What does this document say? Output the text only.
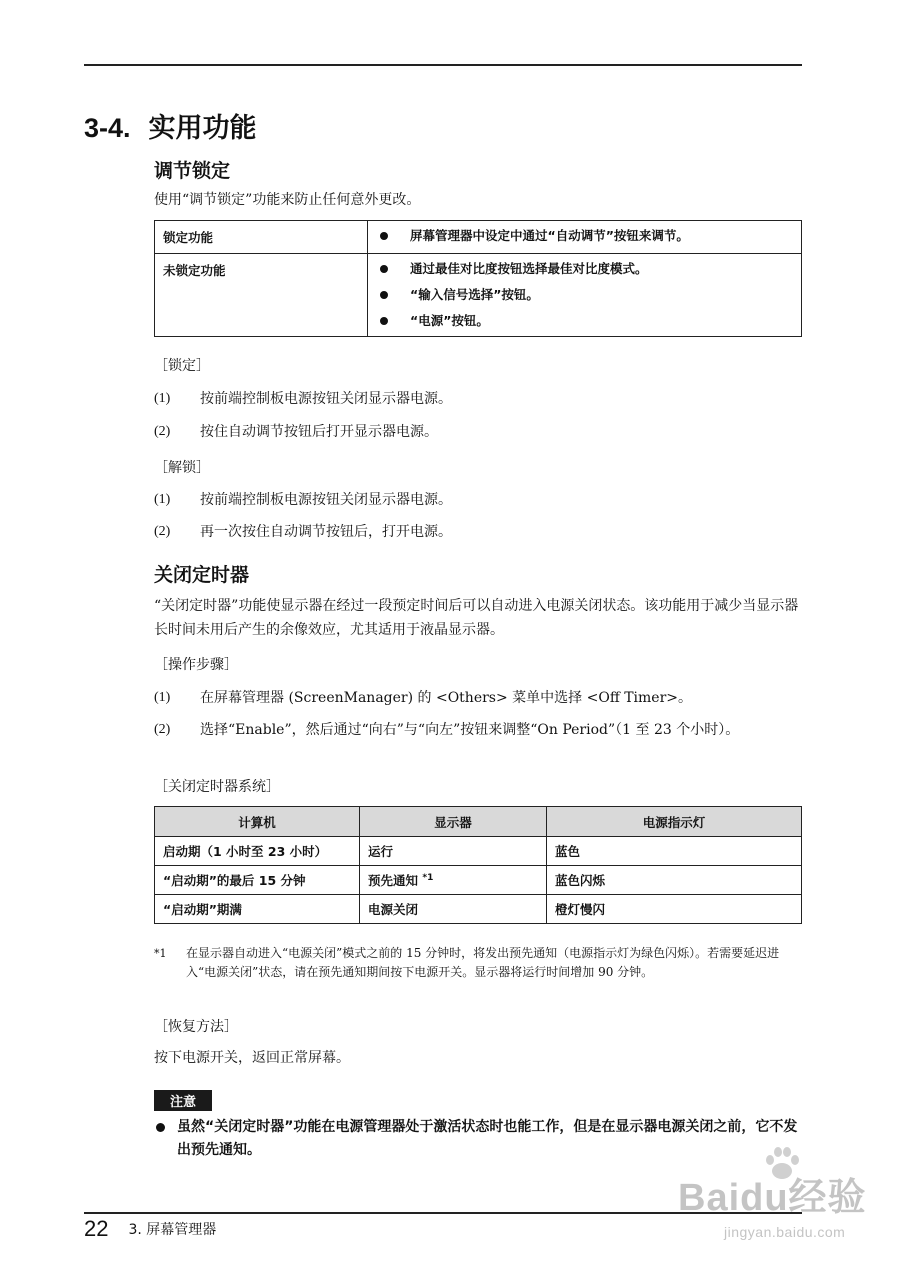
3-4. 实用功能
调节锁定
使用“调节锁定”功能来防止任何意外更改。
锁定功能	屏幕管理器中设定中通过“自动调节”按钮来调节。

未锁定功能	通过最佳对比度按钮选择最佳对比度模式。
“输入信号选择”按钮。
“电源”按钮。
［锁定］
(1) 按前端控制板电源按钮关闭显示器电源。
(2) 按住自动调节按钮后打开显示器电源。
［解锁］
(1) 按前端控制板电源按钮关闭显示器电源。
(2) 再一次按住自动调节按钮后，打开电源。
关闭定时器
“关闭定时器”功能使显示器在经过一段预定时间后可以自动进入电源关闭状态。该功能用于减少当显示器长时间未用后产生的余像效应，尤其适用于液晶显示器。
［操作步骤］
(1) 在屏幕管理器 (ScreenManager) 的 <Others> 菜单中选择 <Off Timer>。
(2) 选择“Enable”，然后通过“向右”与“向左”按钮来调整“On Period”（1 至 23 个小时）。
［关闭定时器系统］
计算机	显示器	电源指示灯
启动期（1 小时至 23 小时）	运行	蓝色
“启动期”的最后 15 分钟	预先通知 $^{*1}$	蓝色闪烁
“启动期”期满	电源关闭	橙灯慢闪
*1 在显示器自动进入“电源关闭”模式之前的 15 分钟时，将发出预先通知（电源指示灯为绿色闪烁）。若需要延迟进入“电源关闭”状态，请在预先通知期间按下电源开关。显示器将运行时间增加 90 分钟。
［恢复方法］
按下电源开关，返回正常屏幕。
注意
虽然“关闭定时器”功能在电源管理器处于激活状态时也能工作，但是在显示器电源关闭之前，它不发出预先通知。
Baidu经验
jingyan.baidu.com
22 3. 屏幕管理器
